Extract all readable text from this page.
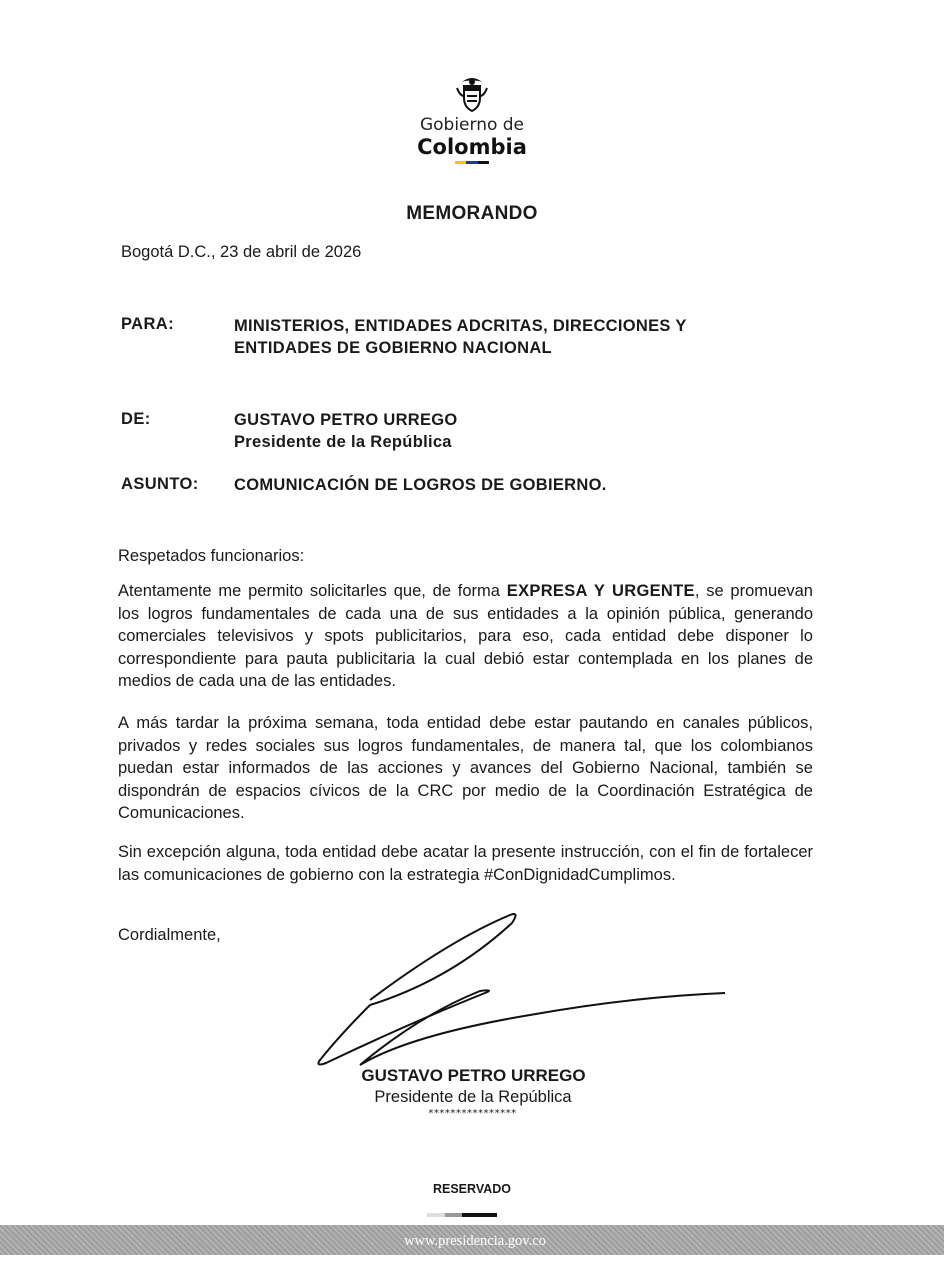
Gobierno de
Colombia
MEMORANDO
Bogotá D.C., 23 de abril de 2026
PARA:	MINISTERIOS, ENTIDADES ADCRITAS, DIRECCIONES Y
ENTIDADES DE GOBIERNO NACIONAL
DE:	GUSTAVO PETRO URREGO
Presidente de la República
ASUNTO: COMUNICACIÓN DE LOGROS DE GOBIERNO.
Respetados funcionarios:
Atentamente me permito solicitarles que, de forma EXPRESA Y URGENTE, se promuevan los logros fundamentales de cada una de sus entidades a la opinión pública, generando comerciales televisivos y spots publicitarios, para eso, cada entidad debe disponer lo correspondiente para pauta publicitaria la cual debió estar contemplada en los planes de medios de cada una de las entidades.
A más tardar la próxima semana, toda entidad debe estar pautando en canales públicos, privados y redes sociales sus logros fundamentales, de manera tal, que los colombianos puedan estar informados de las acciones y avances del Gobierno Nacional, también se dispondrán de espacios cívicos de la CRC por medio de la Coordinación Estratégica de Comunicaciones.
Sin excepción alguna, toda entidad debe acatar la presente instrucción, con el fin de fortalecer las comunicaciones de gobierno con la estrategia #ConDignidadCumplimos.
Cordialmente,
GUSTAVO PETRO URREGO
Presidente de la República
****************
RESERVADO
www.presidencia.gov.co
